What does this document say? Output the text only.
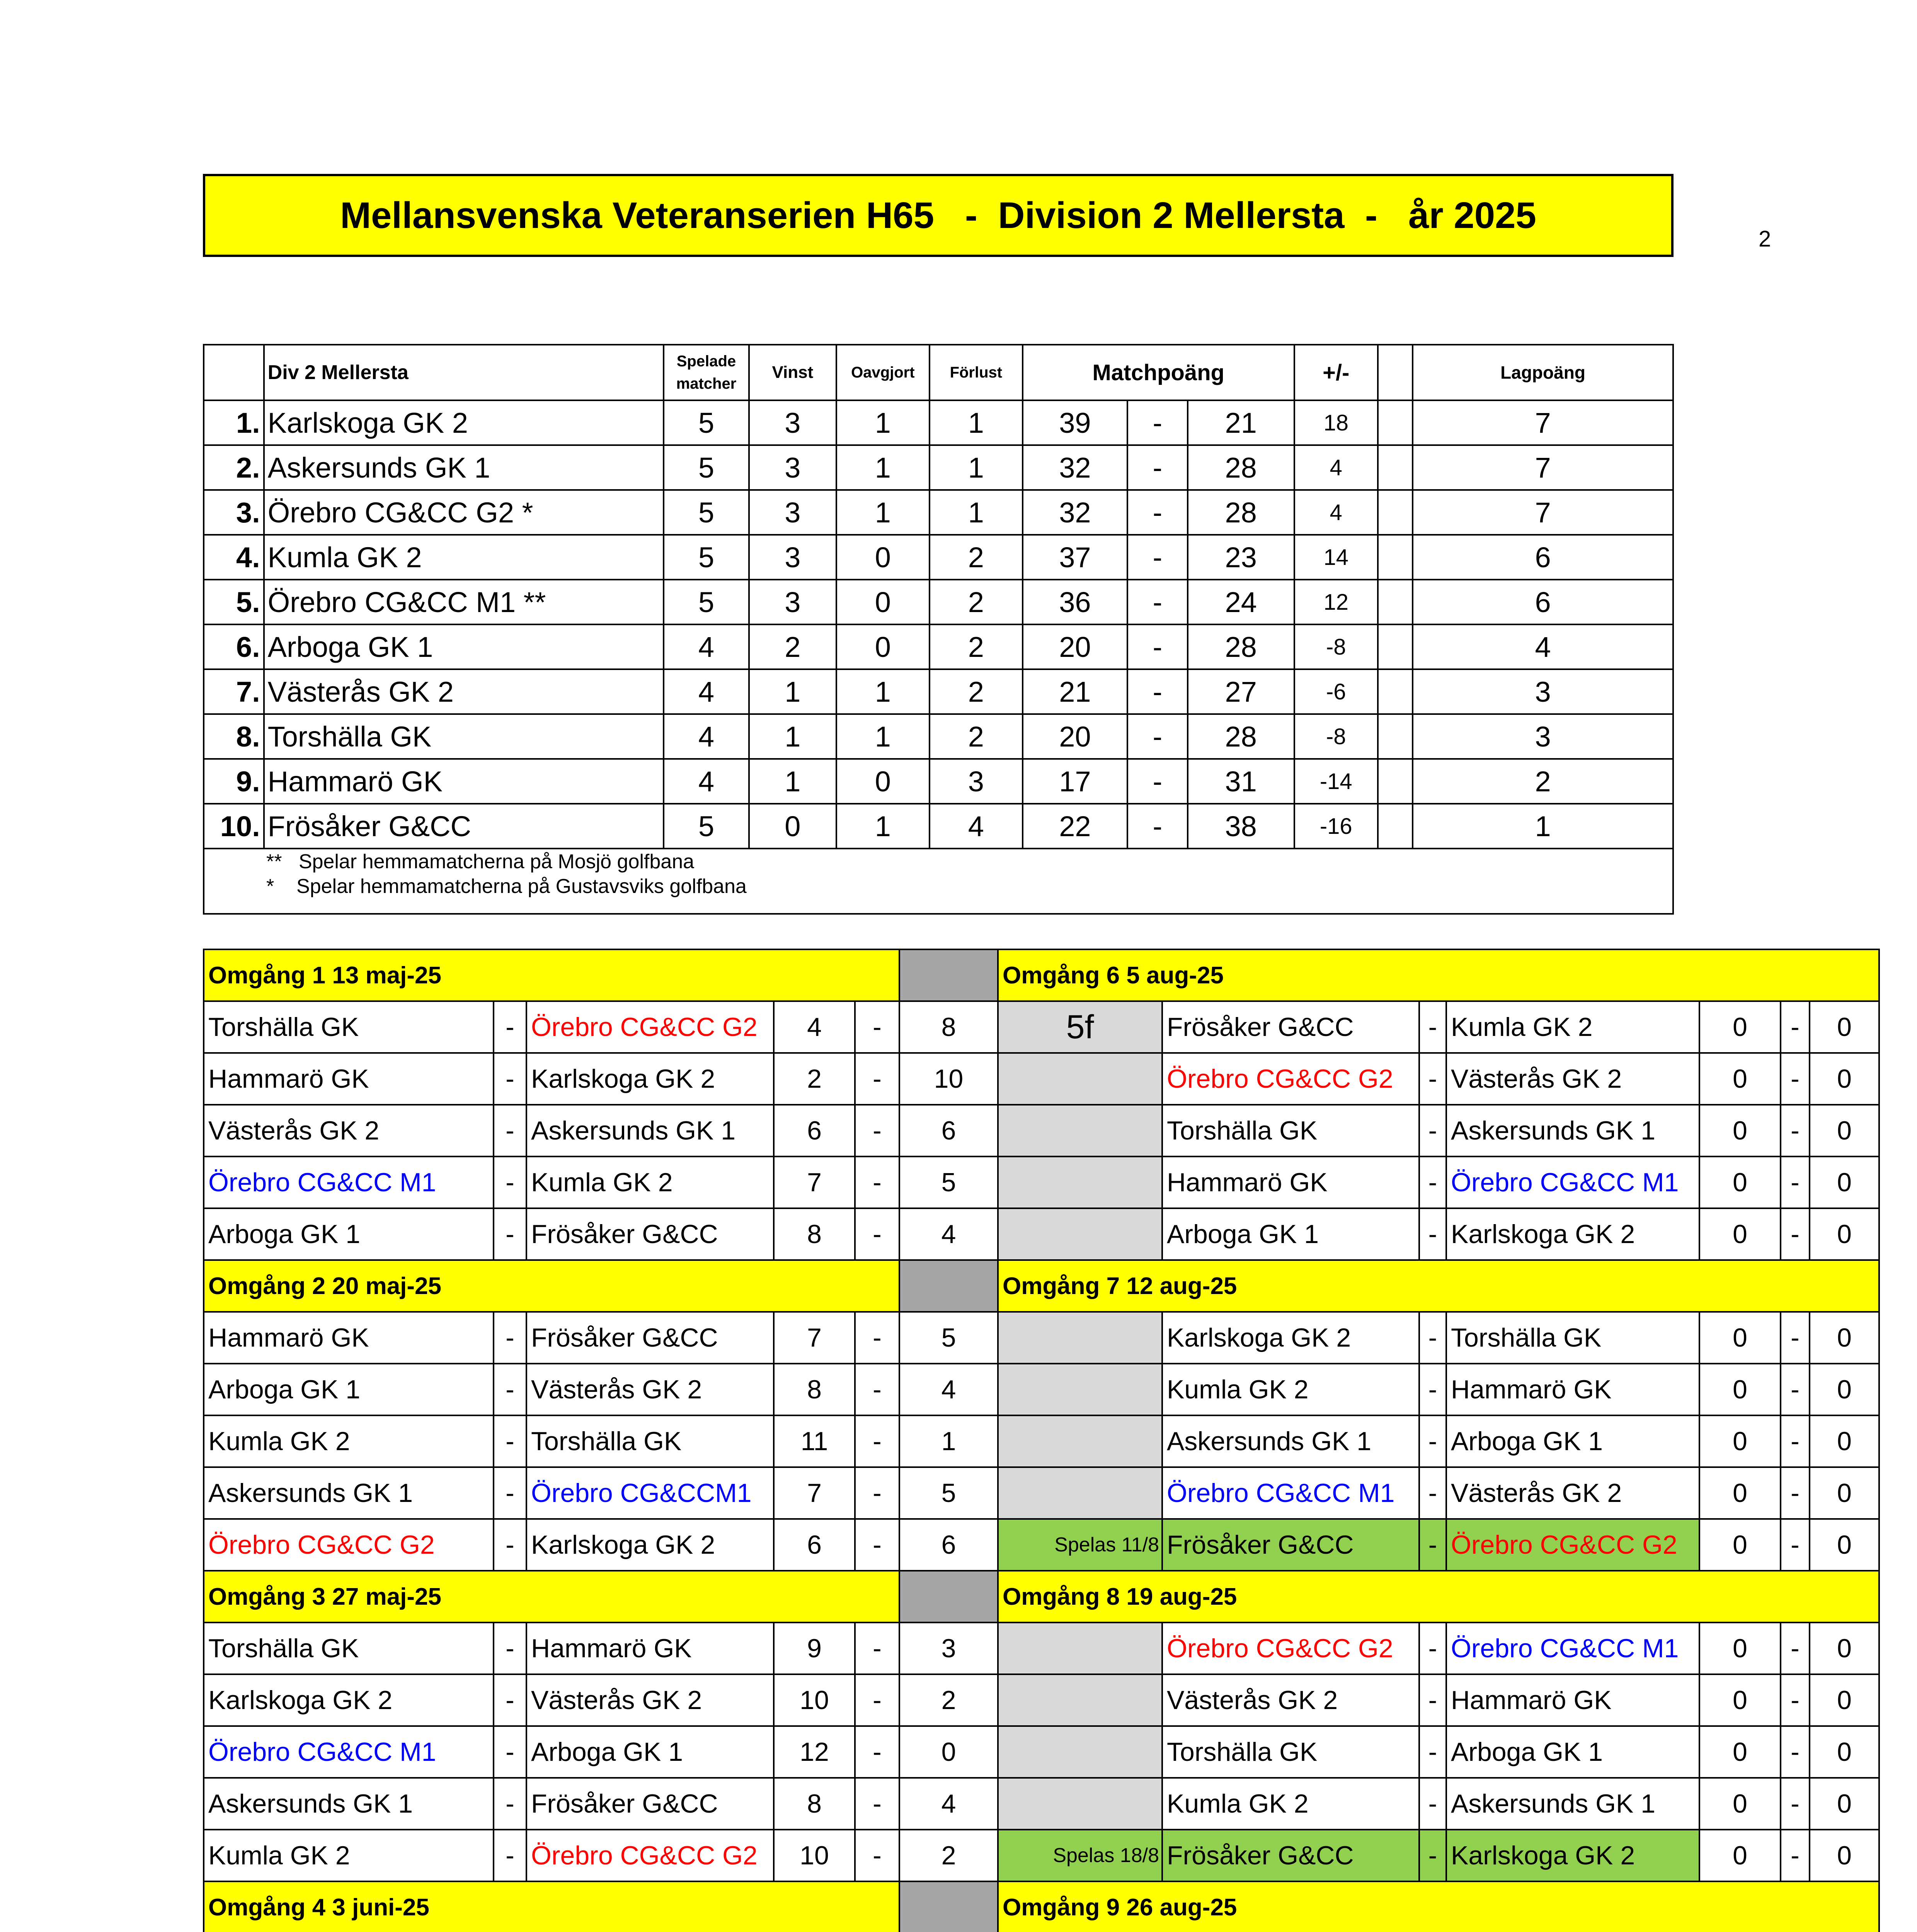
Mellansvenska Veteranserien H65   -  Division 2 Mellersta  -   år 2025
2
	Div 2 Mellersta	Spelade
matcher	Vinst	Oavgjort	Förlust	Matchpoäng			+/-		Lagpoäng
1.	Karlskoga GK 2	5	3	1	1	39	-	21	18		7
2.	Askersunds GK 1	5	3	1	1	32	-	28	4		7
3.	Örebro CG&CC G2 *	5	3	1	1	32	-	28	4		7
4.	Kumla GK 2	5	3	0	2	37	-	23	14		6
5.	Örebro CG&CC M1 **	5	3	0	2	36	-	24	12		6
6.	Arboga GK 1	4	2	0	2	20	-	28	-8		4
7.	Västerås GK 2	4	1	1	2	21	-	27	-6		3
8.	Torshälla GK	4	1	1	2	20	-	28	-8		3
9.	Hammarö GK	4	1	0	3	17	-	31	-14		2
10.	Frösåker G&CC	5	0	1	4	22	-	38	-16		1
**   Spelar hemmamatcherna på Mosjö golfbana
*    Spelar hemmamatcherna på Gustavsviks golfbana											
	Omgång 1 13 maj-25						Omgång 6 5 aug-25						
	Torshälla GK	-	Örebro CG&CC G2	4	-	8	5f	Frösåker G&CC	-	Kumla GK 2	0	-	0
	Hammarö GK	-	Karlskoga GK 2	2	-	10		Örebro CG&CC G2	-	Västerås GK 2	0	-	0
	Västerås GK 2	-	Askersunds GK 1	6	-	6		Torshälla GK	-	Askersunds GK 1	0	-	0
	Örebro CG&CC M1	-	Kumla GK 2	7	-	5		Hammarö GK	-	Örebro CG&CC M1	0	-	0
	Arboga GK 1	-	Frösåker G&CC	8	-	4		Arboga GK 1	-	Karlskoga GK 2	0	-	0
	Omgång 2 20 maj-25						Omgång 7 12 aug-25						
	Hammarö GK	-	Frösåker G&CC	7	-	5		Karlskoga GK 2	-	Torshälla GK	0	-	0
	Arboga GK 1	-	Västerås GK 2	8	-	4		Kumla GK 2	-	Hammarö GK	0	-	0
	Kumla GK 2	-	Torshälla GK	11	-	1		Askersunds GK 1	-	Arboga GK 1	0	-	0
	Askersunds GK 1	-	Örebro CG&CCM1	7	-	5		Örebro CG&CC M1	-	Västerås GK 2	0	-	0
	Örebro CG&CC G2	-	Karlskoga GK 2	6	-	6	Spelas 11/8	Frösåker G&CC	-	Örebro CG&CC G2	0	-	0
	Omgång 3 27 maj-25						Omgång 8 19 aug-25						
	Torshälla GK	-	Hammarö GK	9	-	3		Örebro CG&CC G2	-	Örebro CG&CC M1	0	-	0
	Karlskoga GK 2	-	Västerås GK 2	10	-	2		Västerås GK 2	-	Hammarö GK	0	-	0
	Örebro CG&CC M1	-	Arboga GK 1	12	-	0		Torshälla GK	-	Arboga GK 1	0	-	0
	Askersunds GK 1	-	Frösåker G&CC	8	-	4		Kumla GK 2	-	Askersunds GK 1	0	-	0
	Kumla GK 2	-	Örebro CG&CC G2	10	-	2	Spelas 18/8	Frösåker G&CC	-	Karlskoga GK 2	0	-	0
	Omgång 4 3 juni-25						Omgång 9 26 aug-25						
